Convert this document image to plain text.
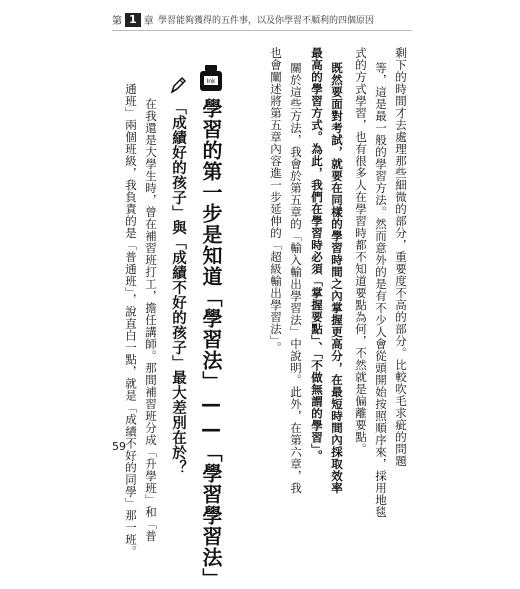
第 1 章 學習能夠獲得的五件事，以及你學習不順利的四個原因
剩下的時間才去處理那些細微的部分，重要度不高的部分。比較吹毛求疵的問題
等，這是最一般的學習方法。然而意外的是有不少人會從頭開始按照順序來，採用地毯
式的方式學習，也有很多人在學習時都不知道要點為何，不然就是偏離要點。
既然要面對考試，就要在同樣的學習時間之內掌握更高分，在最短時間內採取效率
最高的學習方式。為此，我們在學習時必須「掌握要點」、「不做無謂的學習」。
關於這些方法，我會於第五章的「輸入輸出學習法」中說明。此外，在第六章，我
也會闡述將第五章內容進一步延伸的「超級輸出學習法」。
Ink
學習的第一步是知道「學習法」——「學習學習法」
「成績好的孩子」與「成績不好的孩子」最大差別在於？
在我還是大學生時，曾在補習班打工，擔任講師。那間補習班分成「升學班」和「普
通班」兩個班級，我負責的是「普通班」，說直白一點，就是「成績不好的同學」那一班。
59
